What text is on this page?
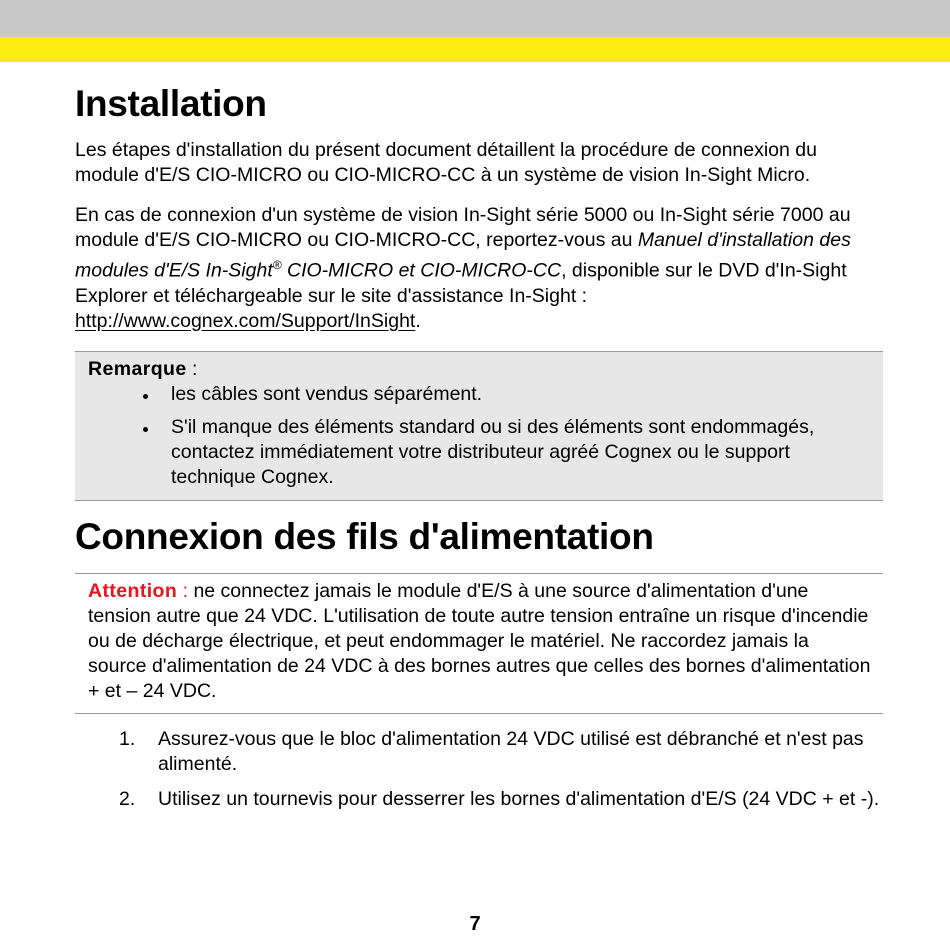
Installation

Les étapes d'installation du présent document détaillent la procédure de connexion du module d'E/S CIO-MICRO ou CIO-MICRO-CC à un système de vision In-Sight Micro.

En cas de connexion d'un système de vision In-Sight série 5000 ou In-Sight série 7000 au module d'E/S CIO-MICRO ou CIO-MICRO-CC, reportez-vous au Manuel d'installation des modules d'E/S In-Sight® CIO-MICRO et CIO-MICRO-CC, disponible sur le DVD d'In-Sight Explorer et téléchargeable sur le site d'assistance In-Sight : http://www.cognex.com/Support/InSight.

Remarque :
les câbles sont vendus séparément.
S'il manque des éléments standard ou si des éléments sont endommagés, contactez immédiatement votre distributeur agréé Cognex ou le support technique Cognex.
Connexion des fils d'alimentation
Attention : ne connectez jamais le module d'E/S à une source d'alimentation d'une tension autre que 24 VDC. L'utilisation de toute autre tension entraîne un risque d'incendie ou de décharge électrique, et peut endommager le matériel. Ne raccordez jamais la source d'alimentation de 24 VDC à des bornes autres que celles des bornes d'alimentation + et – 24 VDC.
1. Assurez-vous que le bloc d'alimentation 24 VDC utilisé est débranché et n'est pas alimenté.
2. Utilisez un tournevis pour desserrer les bornes d'alimentation d'E/S (24 VDC + et -).
7
